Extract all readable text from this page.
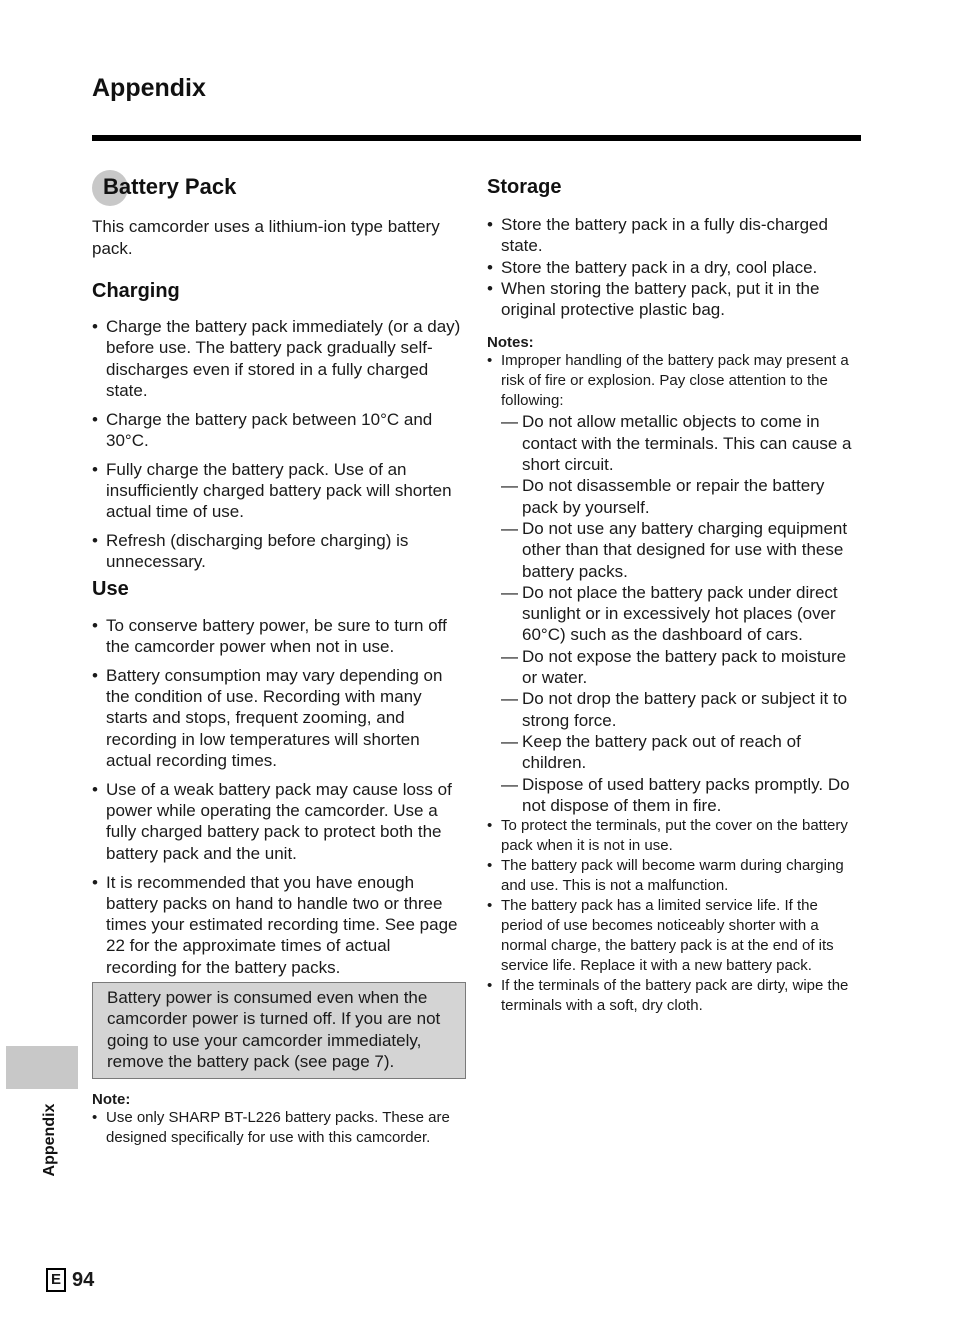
Appendix
Battery Pack

This camcorder uses a lithium-ion type battery pack.

Charging
• Charge the battery pack immediately (or a day) before use. The battery pack gradually self-discharges even if stored in a fully charged state.
• Charge the battery pack between 10°C and 30°C.
• Fully charge the battery pack. Use of an insufficiently charged battery pack will shorten actual time of use.
• Refresh (discharging before charging) is unnecessary.
Use
• To conserve battery power, be sure to turn off the camcorder power when not in use.
• Battery consumption may vary depending on the condition of use. Recording with many starts and stops, frequent zooming, and recording in low temperatures will shorten actual recording times.
• Use of a weak battery pack may cause loss of power while operating the camcorder. Use a fully charged battery pack to protect both the battery pack and the unit.
• It is recommended that you have enough battery packs on hand to handle two or three times your estimated recording time. See page 22 for the approximate times of actual recording for the battery packs.
Battery power is consumed even when the camcorder power is turned off. If you are not going to use your camcorder immediately, remove the battery pack (see page 7).

Note:

• Use only SHARP BT-L226 battery packs. These are designed specifically for use with this camcorder.
Storage
• Store the battery pack in a fully dis-charged state.
• Store the battery pack in a dry, cool place.
• When storing the battery pack, put it in the original protective plastic bag.

Notes:

• Improper handling of the battery pack may present a risk of fire or explosion. Pay close attention to the following:
— Do not allow metallic objects to come in contact with the terminals. This can cause a short circuit.
— Do not disassemble or repair the battery pack by yourself.
— Do not use any battery charging equipment other than that designed for use with these battery packs.
— Do not place the battery pack under direct sunlight or in excessively hot places (over 60°C) such as the dashboard of cars.
— Do not expose the battery pack to moisture or water.
— Do not drop the battery pack or subject it to strong force.
— Keep the battery pack out of reach of children.
— Dispose of used battery packs promptly. Do not dispose of them in fire.
• To protect the terminals, put the cover on the battery pack when it is not in use.
• The battery pack will become warm during charging and use. This is not a malfunction.
• The battery pack has a limited service life. If the period of use becomes noticeably shorter with a normal charge, the battery pack is at the end of its service life. Replace it with a new battery pack.
• If the terminals of the battery pack are dirty, wipe the terminals with a soft, dry cloth.
Appendix
E 94
